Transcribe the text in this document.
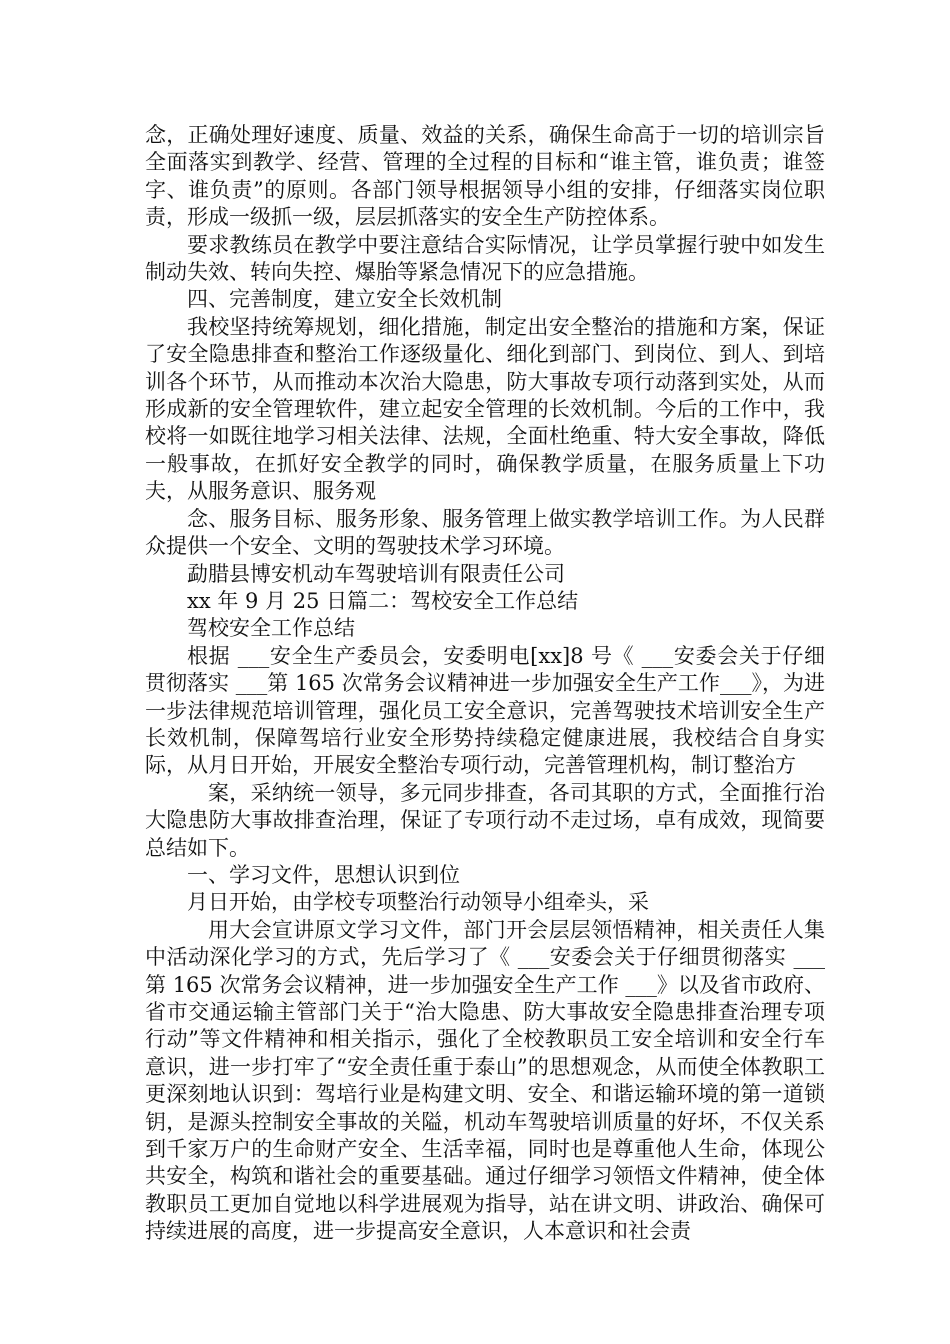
念，正确处理好速度、质量、效益的关系，确保生命高于一切的培训宗旨全面落实到教学、经营、管理的全过程的目标和“谁主管，谁负责；谁签字、谁负责”的原则。各部门领导根据领导小组的安排，仔细落实岗位职责，形成一级抓一级，层层抓落实的安全生产防控体系。

要求教练员在教学中要注意结合实际情况，让学员掌握行驶中如发生制动失效、转向失控、爆胎等紧急情况下的应急措施。

四、完善制度，建立安全长效机制

我校坚持统筹规划，细化措施，制定出安全整治的措施和方案，保证了安全隐患排查和整治工作逐级量化、细化到部门、到岗位、到人、到培训各个环节，从而推动本次治大隐患，防大事故专项行动落到实处，从而形成新的安全管理软件，建立起安全管理的长效机制。今后的工作中，我校将一如既往地学习相关法律、法规，全面杜绝重、特大安全事故，降低一般事故，在抓好安全教学的同时，确保教学质量，在服务质量上下功夫，从服务意识、服务观

念、服务目标、服务形象、服务管理上做实教学培训工作。为人民群众提供一个安全、文明的驾驶技术学习环境。

勐腊县博安机动车驾驶培训有限责任公司

xx 年 9 月 25 日篇二：驾校安全工作总结

驾校安全工作总结

根据 ___安全生产委员会，安委明电[xx]8 号《 ___安委会关于仔细贯彻落实 ___第 165 次常务会议精神进一步加强安全生产工作___》，为进一步法律规范培训管理，强化员工安全意识，完善驾驶技术培训安全生产长效机制，保障驾培行业安全形势持续稳定健康进展，我校结合自身实际，从月日开始，开展安全整治专项行动，完善管理机构，制订整治方

案，采纳统一领导，多元同步排查，各司其职的方式，全面推行治大隐患防大事故排查治理，保证了专项行动不走过场，卓有成效，现简要总结如下。

一、学习文件，思想认识到位

月日开始，由学校专项整治行动领导小组牵头，采

用大会宣讲原文学习文件，部门开会层层领悟精神，相关责任人集中活动深化学习的方式，先后学习了《 ___安委会关于仔细贯彻落实 ___第 165 次常务会议精神，进一步加强安全生产工作 ___》以及省市政府、省市交通运输主管部门关于“治大隐患、防大事故安全隐患排查治理专项行动”等文件精神和相关指示，强化了全校教职员工安全培训和安全行车意识，进一步打牢了“安全责任重于泰山”的思想观念，从而使全体教职工更深刻地认识到：驾培行业是构建文明、安全、和谐运输环境的第一道锁钥，是源头控制安全事故的关隘，机动车驾驶培训质量的好坏，不仅关系到千家万户的生命财产安全、生活幸福，同时也是尊重他人生命，体现公共安全，构筑和谐社会的重要基础。通过仔细学习领悟文件精神，使全体教职员工更加自觉地以科学进展观为指导，站在讲文明、讲政治、确保可持续进展的高度，进一步提高安全意识，人本意识和社会责
